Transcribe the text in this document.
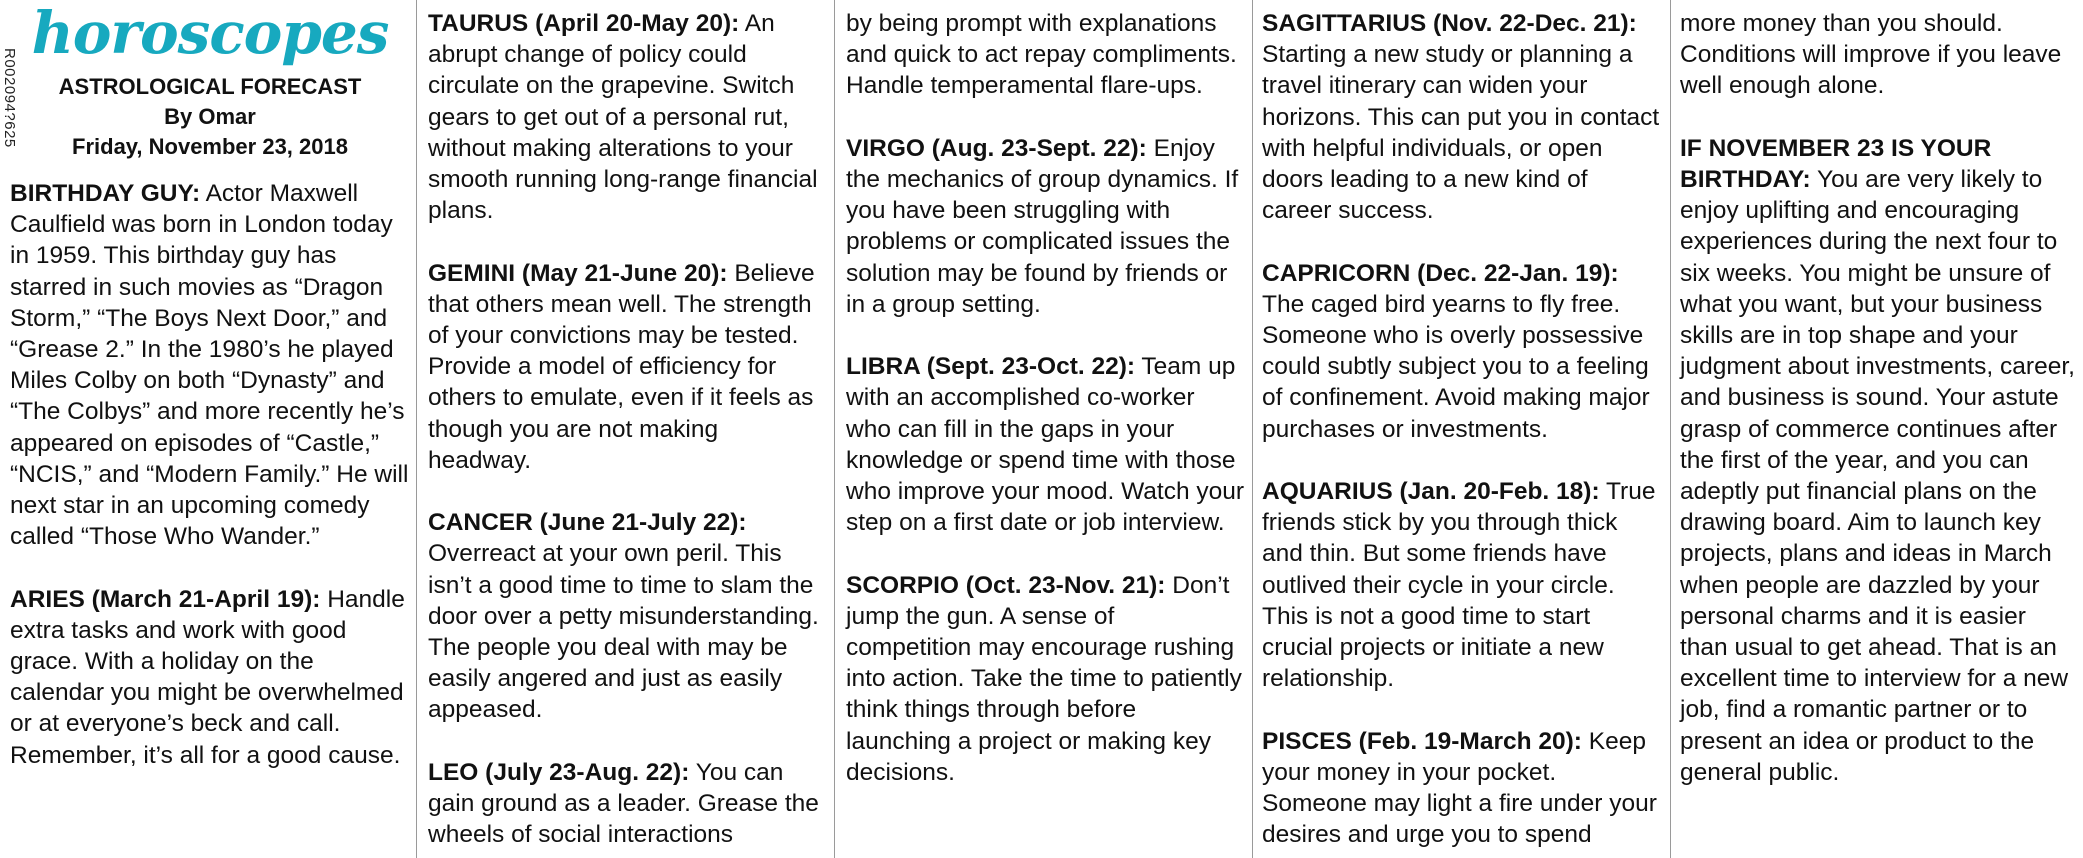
R002094?625
horoscopes
ASTROLOGICAL FORECAST
By Omar
Friday, November 23, 2018

BIRTHDAY GUY: Actor Maxwell Caulfield was born in London today in 1959. This birthday guy has starred in such movies as “Dragon Storm,” “The Boys Next Door,” and “Grease 2.” In the 1980’s he played Miles Colby on both “Dynasty” and “The Colbys” and more recently he’s appeared on episodes of “Castle,” “NCIS,” and “Modern Family.” He will next star in an upcoming comedy called “Those Who Wander.”

ARIES (March 21-April 19): Handle extra tasks and work with good grace. With a holiday on the calendar you might be overwhelmed or at everyone’s beck and call. Remember, it’s all for a good cause.

TAURUS (April 20-May 20): An abrupt change of policy could circulate on the grapevine. Switch gears to get out of a personal rut, without making alterations to your smooth running long-range financial plans.

GEMINI (May 21-June 20): Believe that others mean well. The strength of your convictions may be tested. Provide a model of efficiency for others to emulate, even if it feels as though you are not making headway.

CANCER (June 21-July 22): Overreact at your own peril. This isn’t a good time to time to slam the door over a petty misunderstanding. The people you deal with may be easily angered and just as easily appeased.

LEO (July 23-Aug. 22): You can gain ground as a leader. Grease the wheels of social interactions

by being prompt with explanations and quick to act repay compliments. Handle temperamental flare-ups.

VIRGO (Aug. 23-Sept. 22): Enjoy the mechanics of group dynamics. If you have been struggling with problems or complicated issues the solution may be found by friends or in a group setting.

LIBRA (Sept. 23-Oct. 22): Team up with an accomplished co-worker who can fill in the gaps in your knowledge or spend time with those who improve your mood. Watch your step on a first date or job interview.

SCORPIO (Oct. 23-Nov. 21): Don’t jump the gun. A sense of competition may encourage rushing into action. Take the time to patiently think things through before launching a project or making key decisions.

SAGITTARIUS (Nov. 22-Dec. 21): Starting a new study or planning a travel itinerary can widen your horizons. This can put you in contact with helpful individuals, or open doors leading to a new kind of career success.

CAPRICORN (Dec. 22-Jan. 19): The caged bird yearns to fly free. Someone who is overly possessive could subtly subject you to a feeling of confinement. Avoid making major purchases or investments.

AQUARIUS (Jan. 20-Feb. 18): True friends stick by you through thick and thin. But some friends have outlived their cycle in your circle. This is not a good time to start crucial projects or initiate a new relationship.

PISCES (Feb. 19-March 20): Keep your money in your pocket. Someone may light a fire under your desires and urge you to spend

more money than you should. Conditions will improve if you leave well enough alone.

IF NOVEMBER 23 IS YOUR BIRTHDAY: You are very likely to enjoy uplifting and encouraging experiences during the next four to six weeks. You might be unsure of what you want, but your business skills are in top shape and your judgment about investments, career, and business is sound. Your astute grasp of commerce continues after the first of the year, and you can adeptly put financial plans on the drawing board. Aim to launch key projects, plans and ideas in March when people are dazzled by your personal charms and it is easier than usual to get ahead. That is an excellent time to interview for a new job, find a romantic partner or to present an idea or product to the general public.
